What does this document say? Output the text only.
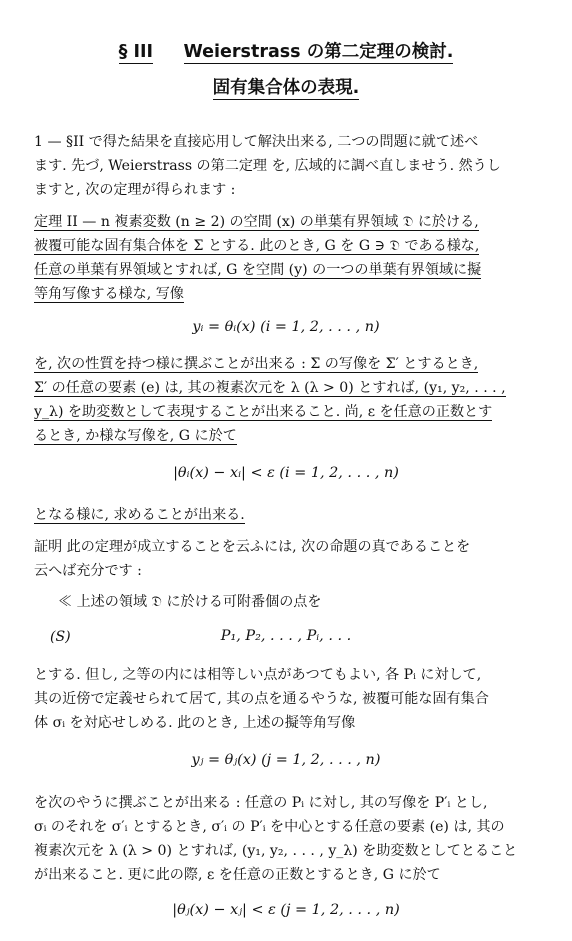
§ III Weierstrass の第二定理の検討.
固有集合体の表現.
1 — §II で得た結果を直接応用して解決出来る, 二つの問題に就て述べ
ます. 先づ, Weierstrass の第二定理 を, 広域的に調べ直しませう. 然うし
ますと, 次の定理が得られます :
定理 II — n 複素変数 (n ≥ 2) の空間 (x) の単葉有界領域 𝔇 に於ける,
被覆可能な固有集合体を Σ とする. 此のとき, G を G ∋ 𝔇 である様な,
任意の単葉有界領域とすれば, G を空間 (y) の一つの単葉有界領域に擬
等角写像する様な, 写像
yᵢ = θᵢ(x) (i = 1, 2, . . . , n)
を, 次の性質を持つ様に撰ぶことが出来る : Σ の写像を Σ′ とするとき,
Σ′ の任意の要素 (e) は, 其の複素次元を λ (λ > 0) とすれば, (y₁, y₂, . . . ,
y_λ) を助変数として表現することが出来ること. 尚, ε を任意の正数とす
るとき, か様な写像を, G に於て
|θᵢ(x) − xᵢ| < ε (i = 1, 2, . . . , n)
となる様に, 求めることが出来る.
証明 此の定理が成立することを云ふには, 次の命題の真であることを
云へば充分です :
≪ 上述の領域 𝔇 に於ける可附番個の点を
(S)	P₁, P₂, . . . , Pᵢ, . . .
とする. 但し, 之等の内には相等しい点があつてもよい, 各 Pᵢ に対して,
其の近傍で定義せられて居て, 其の点を通るやうな, 被覆可能な固有集合
体 σᵢ を対応せしめる. 此のとき, 上述の擬等角写像
yⱼ = θⱼ(x) (j = 1, 2, . . . , n)
を次のやうに撰ぶことが出来る : 任意の Pᵢ に対し, 其の写像を P′ᵢ とし,
σᵢ のそれを σ′ᵢ とするとき, σ′ᵢ の P′ᵢ を中心とする任意の要素 (e) は, 其の
複素次元を λ (λ > 0) とすれば, (y₁, y₂, . . . , y_λ) を助変数としてとること
が出来ること. 更に此の際, ε を任意の正数とするとき, G に於て
|θⱼ(x) − xⱼ| < ε (j = 1, 2, . . . , n)
